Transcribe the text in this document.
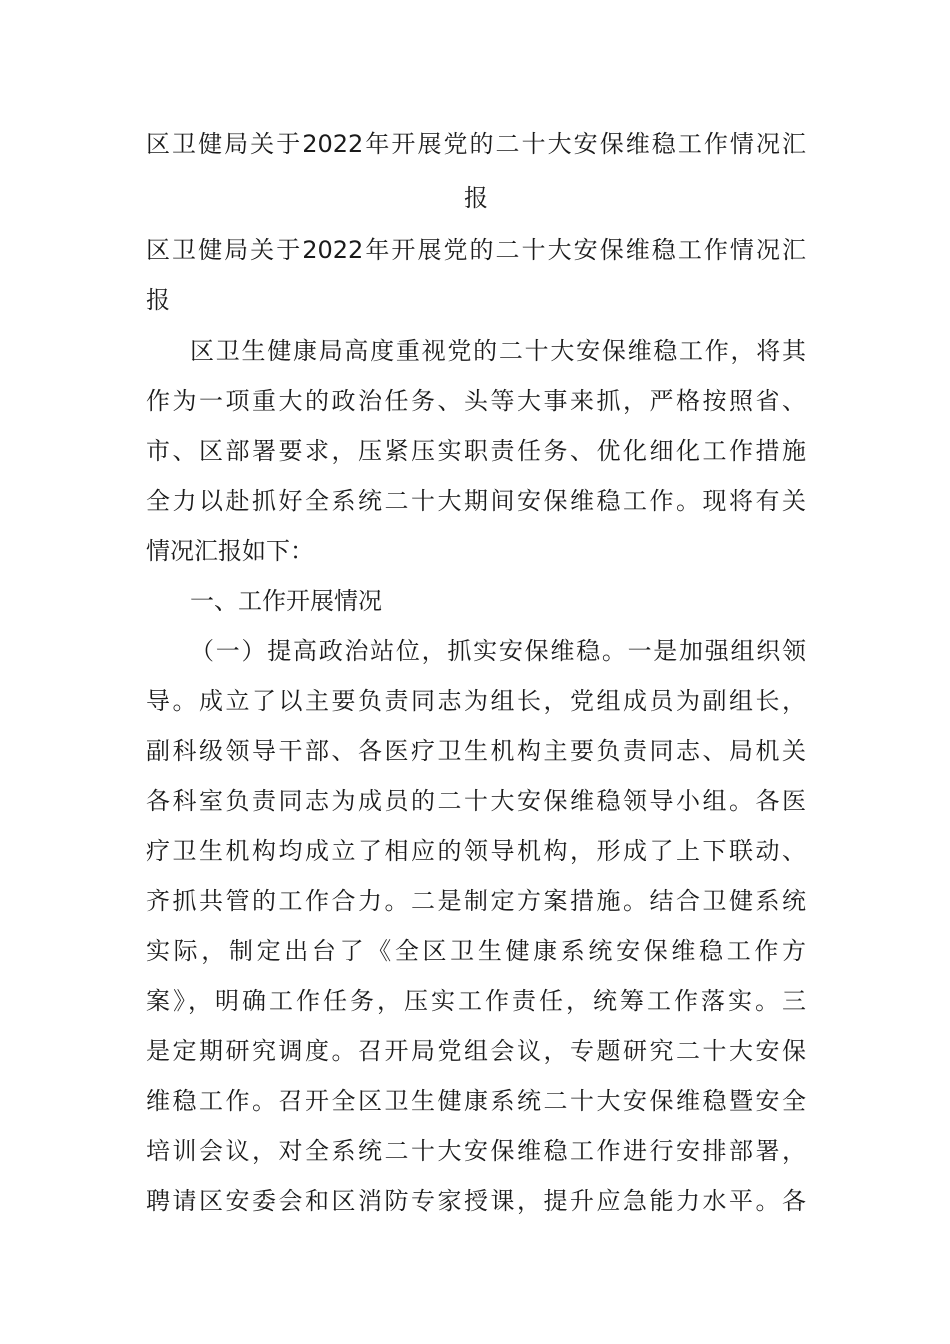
区卫健局关于2022年开展党的二十大安保维稳工作情况汇
报
区卫健局关于2022年开展党的二十大安保维稳工作情况汇
报
区卫生健康局高度重视党的二十大安保维稳工作，将其
作为一项重大的政治任务、头等大事来抓，严格按照省、
市、区部署要求，压紧压实职责任务、优化细化工作措施
全力以赴抓好全系统二十大期间安保维稳工作。现将有关
情况汇报如下：
一、工作开展情况
（一）提高政治站位，抓实安保维稳。一是加强组织领
导。成立了以主要负责同志为组长，党组成员为副组长，
副科级领导干部、各医疗卫生机构主要负责同志、局机关
各科室负责同志为成员的二十大安保维稳领导小组。各医
疗卫生机构均成立了相应的领导机构，形成了上下联动、
齐抓共管的工作合力。二是制定方案措施。结合卫健系统
实际，制定出台了《全区卫生健康系统安保维稳工作方
案》，明确工作任务，压实工作责任，统筹工作落实。三
是定期研究调度。召开局党组会议，专题研究二十大安保
维稳工作。召开全区卫生健康系统二十大安保维稳暨安全
培训会议，对全系统二十大安保维稳工作进行安排部署，
聘请区安委会和区消防专家授课，提升应急能力水平。各
